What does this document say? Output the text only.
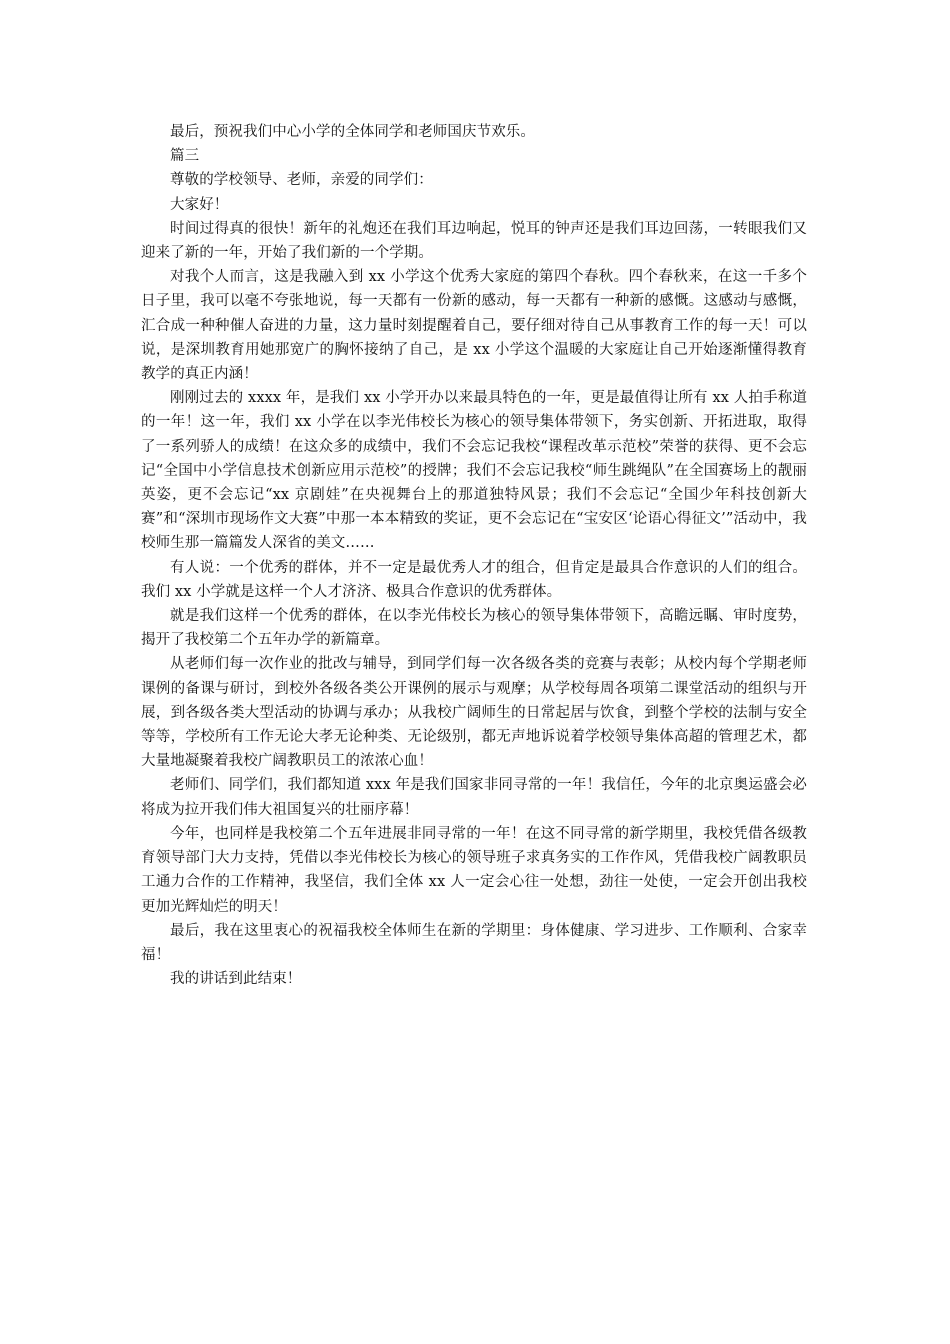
最后，预祝我们中心小学的全体同学和老师国庆节欢乐。

篇三

尊敬的学校领导、老师，亲爱的同学们：

大家好！

时间过得真的很快！新年的礼炮还在我们耳边响起，悦耳的钟声还是我们耳边回荡，一转眼我们又迎来了新的一年，开始了我们新的一个学期。

对我个人而言，这是我融入到 xx 小学这个优秀大家庭的第四个春秋。四个春秋来，在这一千多个日子里，我可以毫不夸张地说，每一天都有一份新的感动，每一天都有一种新的感慨。这感动与感慨，汇合成一种种催人奋进的力量，这力量时刻提醒着自己，要仔细对待自己从事教育工作的每一天！可以说，是深圳教育用她那宽广的胸怀接纳了自己，是 xx 小学这个温暖的大家庭让自己开始逐渐懂得教育教学的真正内涵！

刚刚过去的 xxxx 年，是我们 xx 小学开办以来最具特色的一年，更是最值得让所有 xx 人拍手称道的一年！这一年，我们 xx 小学在以李光伟校长为核心的领导集体带领下，务实创新、开拓进取，取得了一系列骄人的成绩！在这众多的成绩中，我们不会忘记我校“课程改革示范校”荣誉的获得、更不会忘记“全国中小学信息技术创新应用示范校”的授牌；我们不会忘记我校“师生跳绳队”在全国赛场上的靓丽英姿，更不会忘记“xx 京剧娃”在央视舞台上的那道独特风景；我们不会忘记“全国少年科技创新大赛”和“深圳市现场作文大赛”中那一本本精致的奖证，更不会忘记在“宝安区‘论语心得征文’”活动中，我校师生那一篇篇发人深省的美文……

有人说：一个优秀的群体，并不一定是最优秀人才的组合，但肯定是最具合作意识的人们的组合。我们 xx 小学就是这样一个人才济济、极具合作意识的优秀群体。

就是我们这样一个优秀的群体，在以李光伟校长为核心的领导集体带领下，高瞻远瞩、审时度势，揭开了我校第二个五年办学的新篇章。

从老师们每一次作业的批改与辅导，到同学们每一次各级各类的竞赛与表彰；从校内每个学期老师课例的备课与研讨，到校外各级各类公开课例的展示与观摩；从学校每周各项第二课堂活动的组织与开展，到各级各类大型活动的协调与承办；从我校广阔师生的日常起居与饮食，到整个学校的法制与安全等等，学校所有工作无论大孝无论种类、无论级别，都无声地诉说着学校领导集体高超的管理艺术，都大量地凝聚着我校广阔教职员工的浓浓心血！

老师们、同学们，我们都知道 xxx 年是我们国家非同寻常的一年！我信任，今年的北京奥运盛会必将成为拉开我们伟大祖国复兴的壮丽序幕！

今年，也同样是我校第二个五年进展非同寻常的一年！在这不同寻常的新学期里，我校凭借各级教育领导部门大力支持，凭借以李光伟校长为核心的领导班子求真务实的工作作风，凭借我校广阔教职员工通力合作的工作精神，我坚信，我们全体 xx 人一定会心往一处想，劲往一处使，一定会开创出我校更加光辉灿烂的明天！

最后，我在这里衷心的祝福我校全体师生在新的学期里：身体健康、学习进步、工作顺利、合家幸福！

我的讲话到此结束！
